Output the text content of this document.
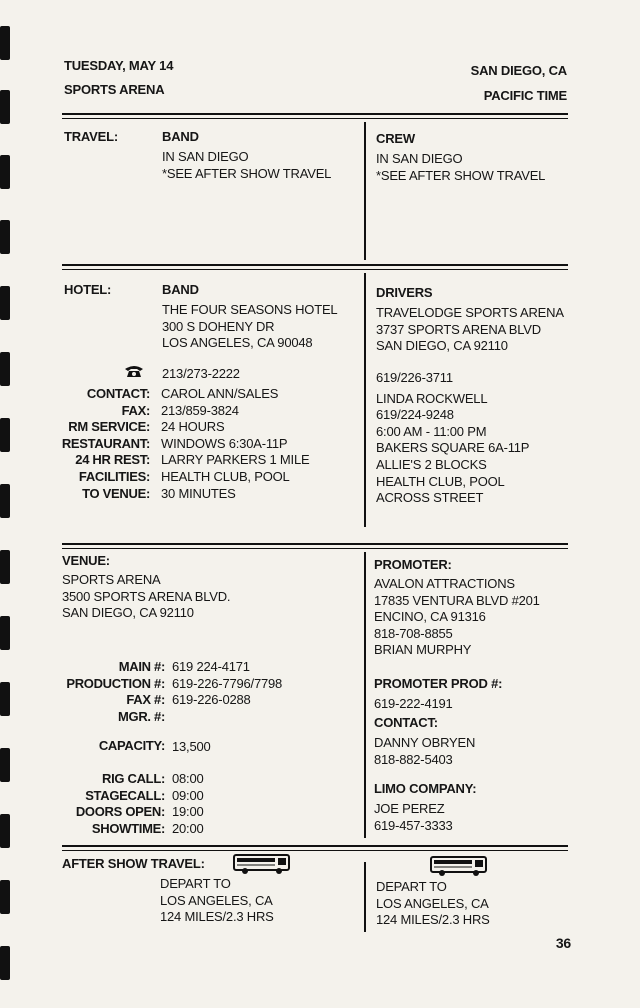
TUESDAY, MAY 14
SPORTS ARENA
SAN DIEGO, CA
PACIFIC TIME
TRAVEL:	BAND
IN SAN DIEGO
*SEE AFTER SHOW TRAVEL
CREW
IN SAN DIEGO
*SEE AFTER SHOW TRAVEL
HOTEL:	BAND
THE FOUR SEASONS HOTEL
300 S DOHENY DR
LOS ANGELES, CA 90048
213/273-2222
CONTACT:
FAX:
RM SERVICE:
RESTAURANT:
24 HR REST:
FACILITIES:
TO VENUE:
CAROL ANN/SALES
213/859-3824
24 HOURS
WINDOWS 6:30A-11P
LARRY PARKERS 1 MILE
HEALTH CLUB, POOL
30 MINUTES
DRIVERS
TRAVELODGE SPORTS ARENA
3737 SPORTS ARENA BLVD
SAN DIEGO, CA 92110
619/226-3711
LINDA ROCKWELL
619/224-9248
6:00 AM - 11:00 PM
BAKERS SQUARE 6A-11P
ALLIE'S 2 BLOCKS
HEALTH CLUB, POOL
ACROSS STREET
VENUE:
SPORTS ARENA
3500 SPORTS ARENA BLVD.
SAN DIEGO, CA 92110
MAIN #:
PRODUCTION #:
FAX #:
MGR. #:
619 224-4171
619-226-7796/7798
619-226-0288
CAPACITY: 13,500
RIG CALL:
STAGECALL:
DOORS OPEN:
SHOWTIME:
08:00
09:00
19:00
20:00
PROMOTER:
AVALON ATTRACTIONS
17835 VENTURA BLVD #201
ENCINO, CA 91316
818-708-8855
BRIAN MURPHY
PROMOTER PROD #:
619-222-4191
CONTACT:
DANNY OBRYEN
818-882-5403
LIMO COMPANY:
JOE PEREZ
619-457-3333
AFTER SHOW TRAVEL:
DEPART TO
LOS ANGELES, CA
124 MILES/2.3 HRS
DEPART TO
LOS ANGELES, CA
124 MILES/2.3 HRS
36
